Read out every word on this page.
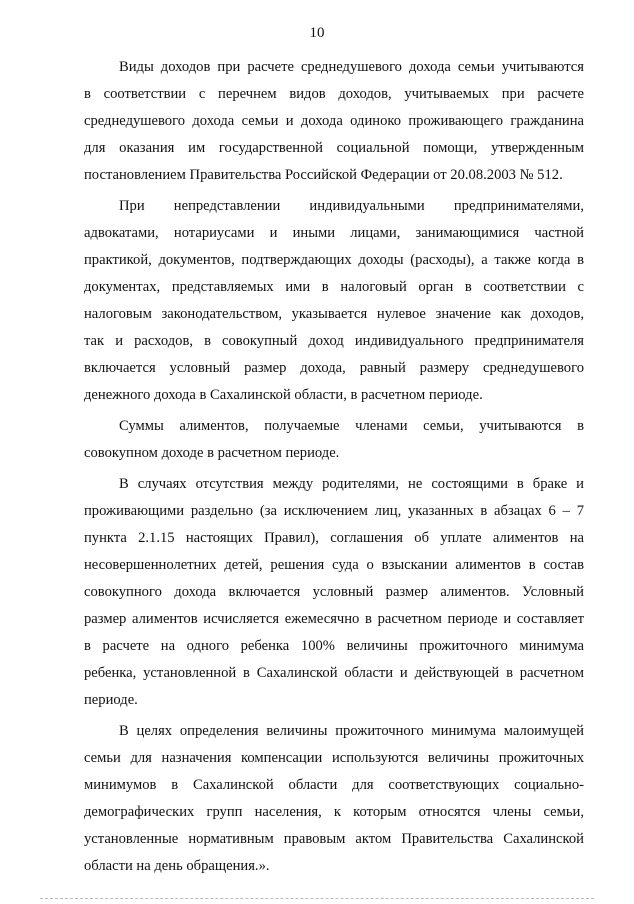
10
Виды доходов при расчете среднедушевого дохода семьи учитываются
в соответствии с перечнем видов доходов, учитываемых при расчете
среднедушевого дохода семьи и дохода одиноко проживающего гражданина
для оказания им государственной социальной помощи, утвержденным
постановлением Правительства Российской Федерации от 20.08.2003 № 512.
При непредставлении индивидуальными предпринимателями,
адвокатами, нотариусами и иными лицами, занимающимися частной
практикой, документов, подтверждающих доходы (расходы), а также когда в
документах, представляемых ими в налоговый орган в соответствии с
налоговым законодательством, указывается нулевое значение как доходов,
так и расходов, в совокупный доход индивидуального предпринимателя
включается условный размер дохода, равный размеру среднедушевого
денежного дохода в Сахалинской области, в расчетном периоде.
Суммы алиментов, получаемые членами семьи, учитываются в
совокупном доходе в расчетном периоде.
В случаях отсутствия между родителями, не состоящими в браке и
проживающими раздельно (за исключением лиц, указанных в абзацах 6 – 7
пункта 2.1.15 настоящих Правил), соглашения об уплате алиментов на
несовершеннолетних детей, решения суда о взыскании алиментов в состав
совокупного дохода включается условный размер алиментов. Условный
размер алиментов исчисляется ежемесячно в расчетном периоде и составляет
в расчете на одного ребенка 100% величины прожиточного минимума
ребенка, установленной в Сахалинской области и действующей в расчетном
периоде.
В целях определения величины прожиточного минимума малоимущей
семьи для назначения компенсации используются величины прожиточных
минимумов в Сахалинской области для соответствующих социально-
демографических групп населения, к которым относятся члены семьи,
установленные нормативным правовым актом Правительства Сахалинской
области на день обращения.».
